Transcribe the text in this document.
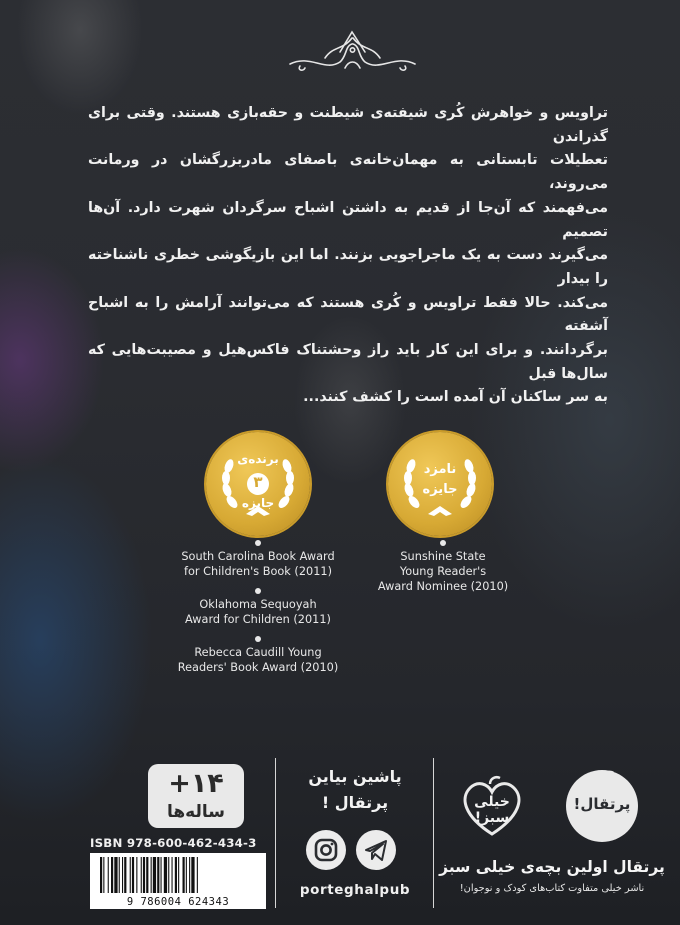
تراویس و خواهرش کُری شیفته‌ی شیطنت و حقه‌بازی هستند. وقتی برای گذراندن
تعطیلات تابستانی به مهمان‌خانه‌ی باصفای مادربزرگشان در ورمانت می‌روند،
می‌فهمند که آن‌جا از قدیم به داشتن اشباح سرگردان شهرت دارد. آن‌ها تصمیم
می‌گیرند دست به یک ماجراجویی بزنند. اما این بازیگوشی خطری ناشناخته را بیدار
می‌کند. حالا فقط تراویس و کُری هستند که می‌توانند آرامش را به اشباح آشفته
برگردانند. و برای این کار باید راز وحشتناک فاکس‌هیل و مصیبت‌هایی که سال‌ها قبل
به سر ساکنان آن آمده است را کشف کنند...
برنده‌ی
۳
جایزه
نامزد
جایزه
South Carolina Book Award
for Children's Book (2011)
Oklahoma Sequoyah
Award for Children (2011)
Rebecca Caudill Young
Readers' Book Award (2010)
Sunshine State
Young Reader's
Award Nominee (2010)
+۱۴
ساله‌ها
ISBN 978-600-462-434-3
9 786004 624343
پاشین بیاین
پرتقال !
porteghalpub
خیلی سبز!
پرتقال!
پرتقال اولین بچه‌ی خیلی سبز
ناشر خیلی متفاوت کتاب‌های کودک و نوجوان!
